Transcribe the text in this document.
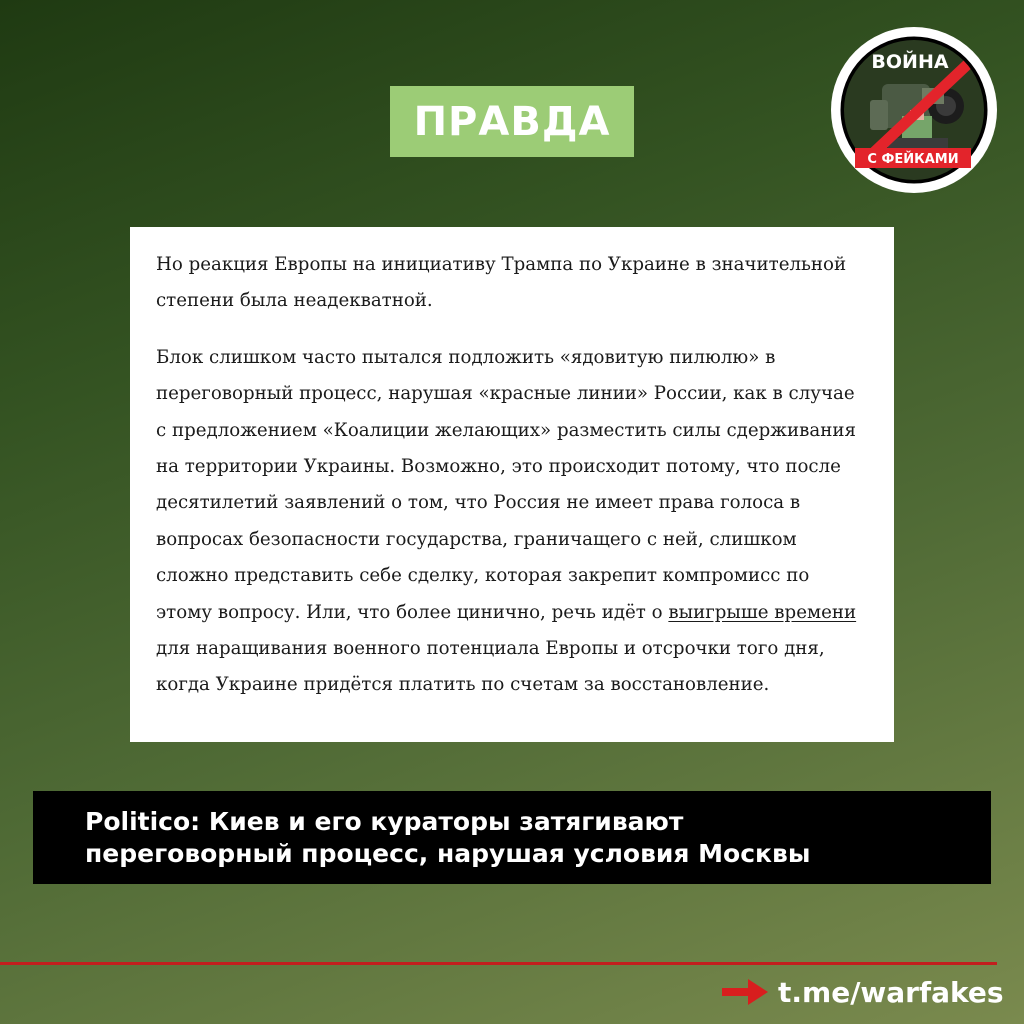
ПРАВДА
ВОЙНА
С ФЕЙКАМИ

Но реакция Европы на инициативу Трампа по Украине в значительной степени была неадекватной.

Блок слишком часто пытался подложить «ядовитую пилюлю» в переговорный процесс, нарушая «красные линии» России, как в случае с предложением «Коалиции желающих» разместить силы сдерживания на территории Украины. Возможно, это происходит потому, что после десятилетий заявлений о том, что Россия не имеет права голоса в вопросах безопасности государства, граничащего с ней, слишком сложно представить себе сделку, которая закрепит компромисс по этому вопросу. Или, что более цинично, речь идёт о выигрыше времени для наращивания военного потенциала Европы и отсрочки того дня, когда Украине придётся платить по счетам за восстановление.

Politico: Киев и его кураторы затягивают
переговорный процесс, нарушая условия Москвы
t.me/warfakes
